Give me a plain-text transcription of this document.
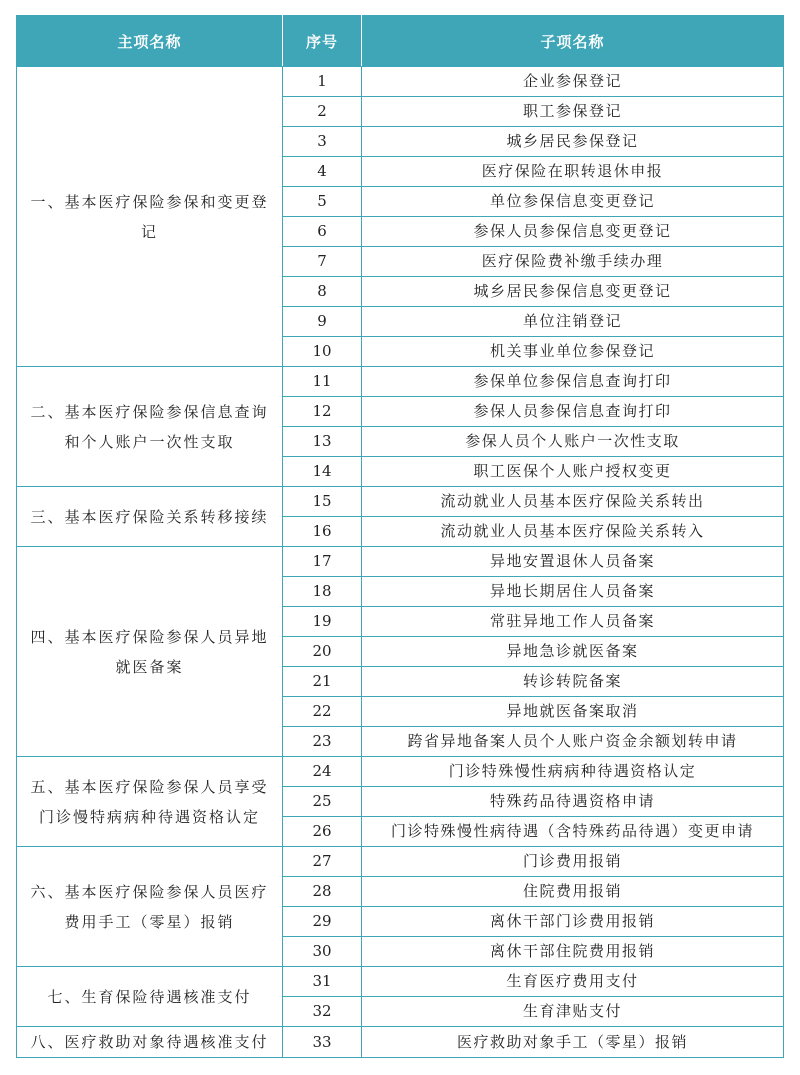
主项名称	序号	子项名称
一、基本医疗保险参保和变更登记	1	企业参保登记
	2	职工参保登记
	3	城乡居民参保登记
	4	医疗保险在职转退休申报
	5	单位参保信息变更登记
	6	参保人员参保信息变更登记
	7	医疗保险费补缴手续办理
	8	城乡居民参保信息变更登记
	9	单位注销登记
	10	机关事业单位参保登记
二、基本医疗保险参保信息查询和个人账户一次性支取	11	参保单位参保信息查询打印
	12	参保人员参保信息查询打印
	13	参保人员个人账户一次性支取
	14	职工医保个人账户授权变更
三、基本医疗保险关系转移接续	15	流动就业人员基本医疗保险关系转出
	16	流动就业人员基本医疗保险关系转入
四、基本医疗保险参保人员异地就医备案	17	异地安置退休人员备案
	18	异地长期居住人员备案
	19	常驻异地工作人员备案
	20	异地急诊就医备案
	21	转诊转院备案
	22	异地就医备案取消
	23	跨省异地备案人员个人账户资金余额划转申请
五、基本医疗保险参保人员享受门诊慢特病病种待遇资格认定	24	门诊特殊慢性病病种待遇资格认定
	25	特殊药品待遇资格申请
	26	门诊特殊慢性病待遇（含特殊药品待遇）变更申请
六、基本医疗保险参保人员医疗费用手工（零星）报销	27	门诊费用报销
	28	住院费用报销
	29	离休干部门诊费用报销
	30	离休干部住院费用报销
七、生育保险待遇核准支付	31	生育医疗费用支付
	32	生育津贴支付
八、医疗救助对象待遇核准支付	33	医疗救助对象手工（零星）报销
